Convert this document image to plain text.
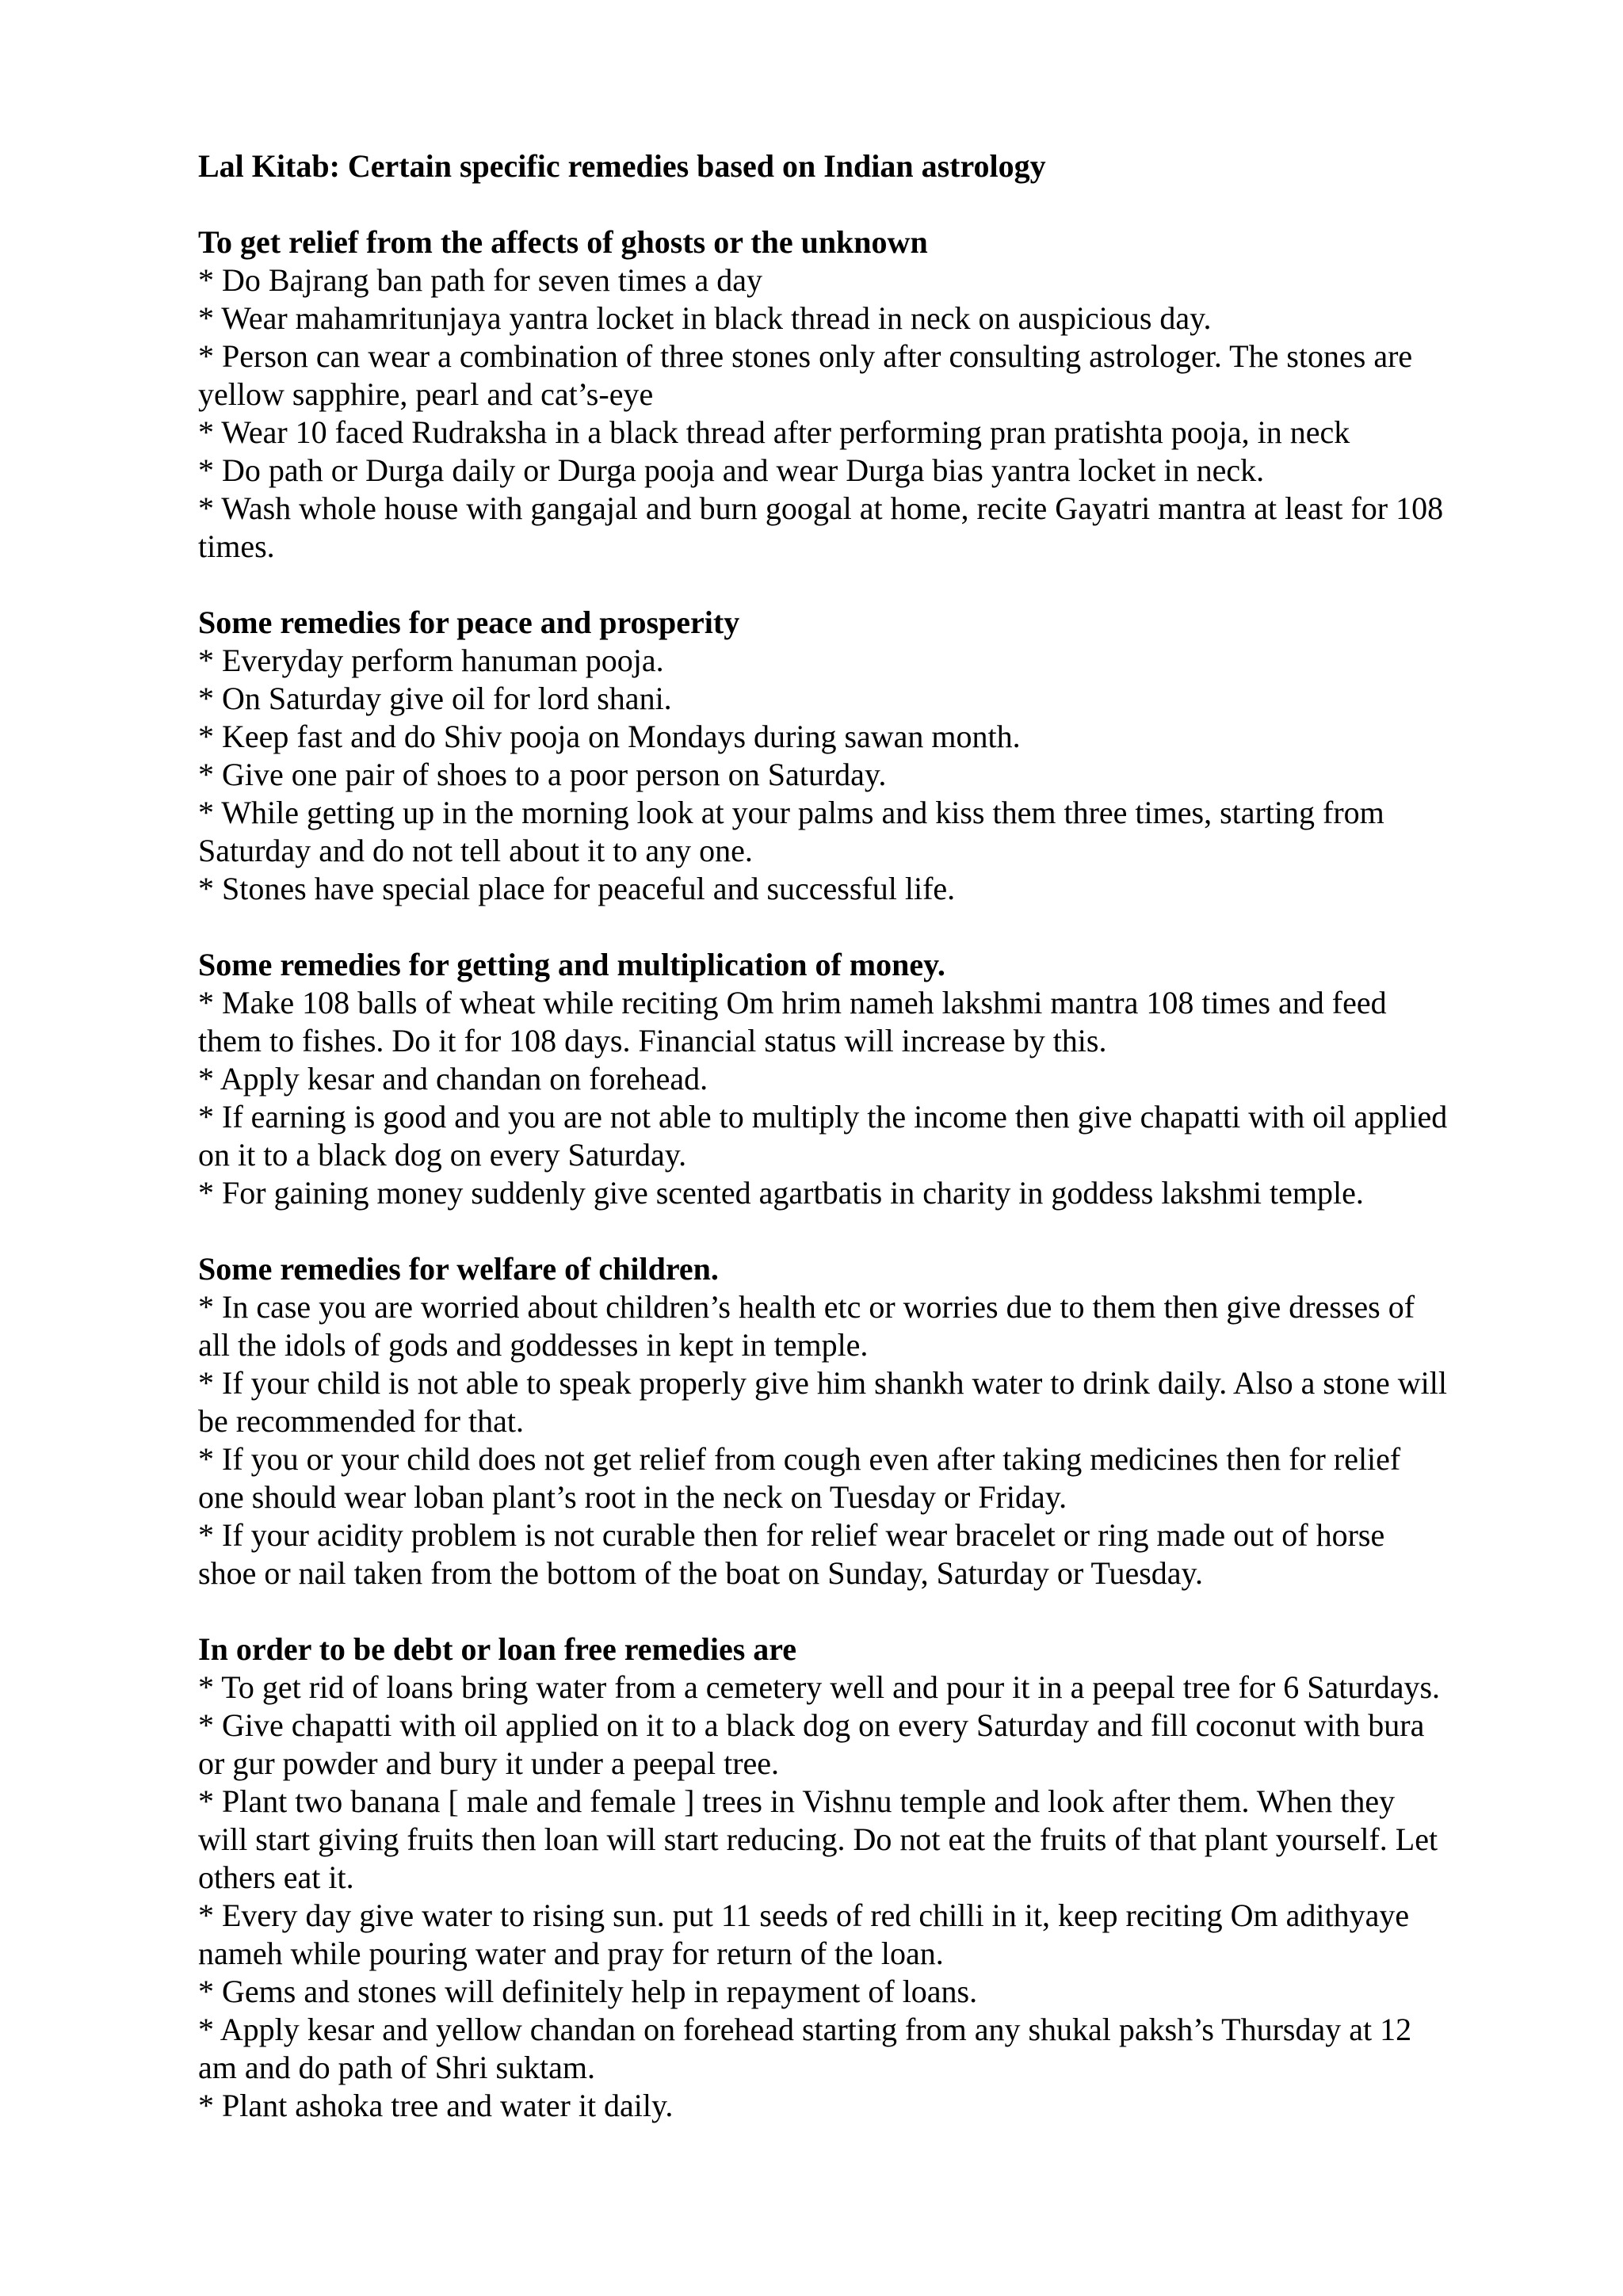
Lal Kitab: Certain specific remedies based on Indian astrology
To get relief from the affects of ghosts or the unknown
* Do Bajrang ban path for seven times a day
* Wear mahamritunjaya yantra locket in black thread in neck on auspicious day.
* Person can wear a combination of three stones only after consulting astrologer. The stones are yellow sapphire, pearl and cat’s-eye
* Wear 10 faced Rudraksha in a black thread after performing pran pratishta pooja, in neck
* Do path or Durga daily or Durga pooja and wear Durga bias yantra locket in neck.
* Wash whole house with gangajal and burn googal at home, recite Gayatri mantra at least for 108 times.
Some remedies for peace and prosperity
* Everyday perform hanuman pooja.
* On Saturday give oil for lord shani.
* Keep fast and do Shiv pooja on Mondays during sawan month.
* Give one pair of shoes to a poor person on Saturday.
* While getting up in the morning look at your palms and kiss them three times, starting from Saturday and do not tell about it to any one.
* Stones have special place for peaceful and successful life.
Some remedies for getting and multiplication of money.
* Make 108 balls of wheat while reciting Om hrim nameh lakshmi mantra 108 times and feed them to fishes. Do it for 108 days. Financial status will increase by this.
* Apply kesar and chandan on forehead.
* If earning is good and you are not able to multiply the income then give chapatti with oil applied on it to a black dog on every Saturday.
* For gaining money suddenly give scented agartbatis in charity in goddess lakshmi temple.
Some remedies for welfare of children.
* In case you are worried about children’s health etc or worries due to them then give dresses of all the idols of gods and goddesses in kept in temple.
* If your child is not able to speak properly give him shankh water to drink daily. Also a stone will be recommended for that.
* If you or your child does not get relief from cough even after taking medicines then for relief one should wear loban plant’s root in the neck on Tuesday or Friday.
* If your acidity problem is not curable then for relief wear bracelet or ring made out of horse shoe or nail taken from the bottom of the boat on Sunday, Saturday or Tuesday.
In order to be debt or loan free remedies are
* To get rid of loans bring water from a cemetery well and pour it in a peepal tree for 6 Saturdays.
* Give chapatti with oil applied on it to a black dog on every Saturday and fill coconut with bura or gur powder and bury it under a peepal tree.
* Plant two banana [ male and female ] trees in Vishnu temple and look after them. When they will start giving fruits then loan will start reducing. Do not eat the fruits of that plant yourself. Let others eat it.
* Every day give water to rising sun. put 11 seeds of red chilli in it, keep reciting Om adithyaye nameh while pouring water and pray for return of the loan.
* Gems and stones will definitely help in repayment of loans.
* Apply kesar and yellow chandan on forehead starting from any shukal paksh’s Thursday at 12 am and do path of Shri suktam.
* Plant ashoka tree and water it daily.
